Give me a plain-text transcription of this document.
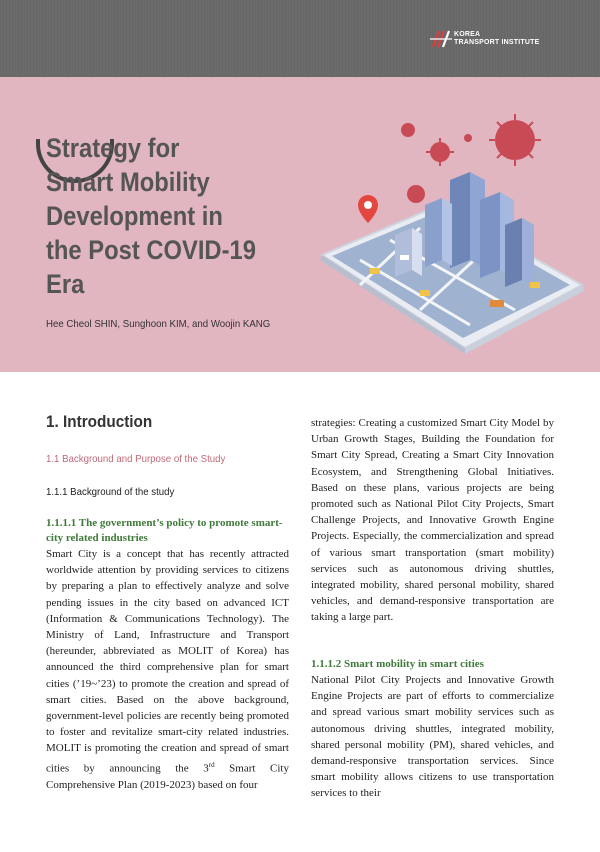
KOREA
TRANSPORT INSTITUTE
Strategy for
Smart Mobility
Development in
the Post COVID-19
Era
Hee Cheol SHIN, Sunghoon KIM, and Woojin KANG
1. Introduction
1.1 Background and Purpose of the Study
1.1.1 Background of the study

1.1.1.1 The government’s policy to promote smart-city related industries

Smart City is a concept that has recently attracted worldwide attention by providing services to citizens by preparing a plan to effectively analyze and solve pending issues in the city based on advanced ICT (Information & Communications Technology). The Ministry of Land, Infrastructure and Transport (hereunder, abbreviated as MOLIT of Korea) has announced the third comprehensive plan for smart cities (’19~’23) to promote the creation and spread of smart cities. Based on the above background, government-level policies are recently being promoted to foster and revitalize smart-city related industries. MOLIT is promoting the creation and spread of smart cities by announcing the 3rd Smart City Comprehensive Plan (2019-2023) based on four

strategies: Creating a customized Smart City Model by Urban Growth Stages, Building the Foundation for Smart City Spread, Creating a Smart City Innovation Ecosystem, and Strengthening Global Initiatives. Based on these plans, various projects are being promoted such as National Pilot City Projects, Smart Challenge Projects, and Innovative Growth Engine Projects. Especially, the commercialization and spread of various smart transportation (smart mobility) services such as autonomous driving shuttles, integrated mobility, shared personal mobility, shared vehicles, and demand-responsive transportation are taking a large part.

1.1.1.2 Smart mobility in smart cities

National Pilot City Projects and Innovative Growth Engine Projects are part of efforts to commercialize and spread various smart mobility services such as autonomous driving shuttles, integrated mobility, shared personal mobility (PM), shared vehicles, and demand-responsive transportation services. Since smart mobility allows citizens to use transportation services to their
